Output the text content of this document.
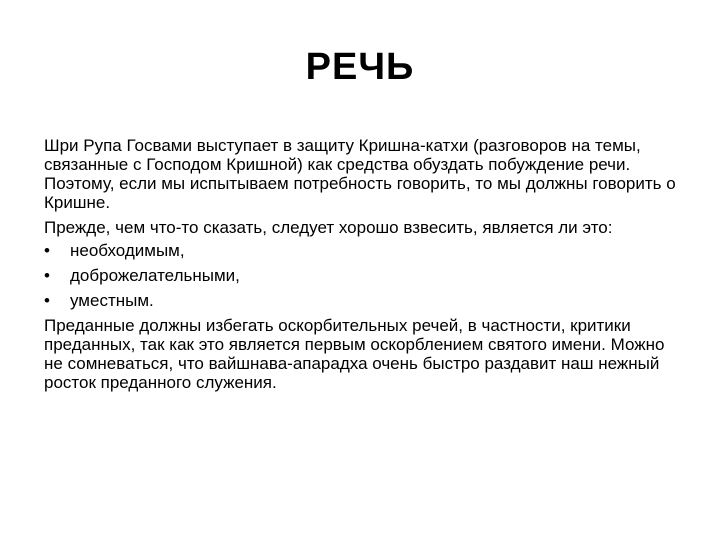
РЕЧЬ

Шри Рупа Госвами выступает в защиту Кришна-катхи (разговоров на темы, связанные с Господом Кришной) как средства обуздать побуждение речи. Поэтому, если мы испытываем потребность говорить, то мы должны говорить о Кришне.

Прежде, чем что-то сказать, следует хорошо взвесить, является ли это:

•	необходимым,
•	доброжелательными,
•	уместным.

Преданные должны избегать оскорбительных речей, в частности, критики преданных, так как это является первым оскорблением святого имени. Можно не сомневаться, что вайшнава-апарадха очень быстро раздавит наш нежный росток преданного служения.
